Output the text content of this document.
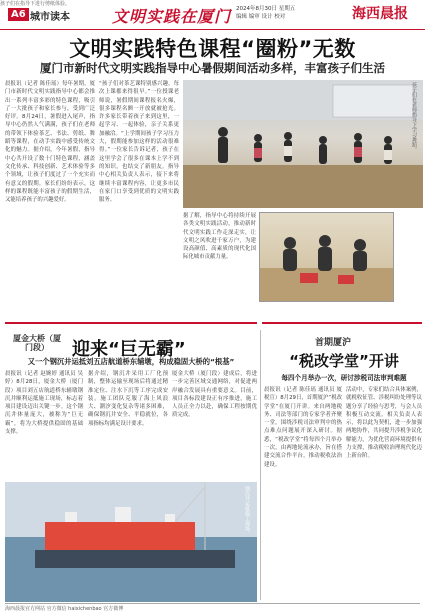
A6 城市读本	文明实践在厦门 2024年8月30日 星期五
编辑 编审 设计 校对	海西晨报
文明实践特色课程“圈粉”无数
厦门市新时代文明实践指导中心暑假期间活动多样，丰富孩子们生活
晨报讯（记者 陈佳瑶）每年暑期，厦门市新时代文明实践指导中心都会推出一系列丰富多彩的特色课程，吸引了一大批孩子和家长参与，受到广泛好评。8月24日，暑假进入尾声，指导中心仍然人气满满，孩子们在老师的带领下体验茶艺、书法、剪纸、舞蹈等课程，在动手实践中感受传统文化的魅力。据介绍，今年暑假，指导中心共开设了数十门特色课程，涵盖文化传承、科技创新、艺术体验等多个领域，让孩子们度过了一个充实而有意义的假期。家长们纷纷表示，这样的课程既能丰富孩子的假期生活，又能培养孩子的兴趣爱好。
“孩子们对茶艺课特别感兴趣，每次上课都来得很早。”一位授课老师说，暑假期间课程报名火爆，很多课程名额一开放就被抢光。许多家长带着孩子来到这里，一起学习、一起体验，亲子关系更加融洽。“上学期间孩子学习压力大，假期能参加这样的活动很难得。”一位家长告诉记者，孩子在这里学会了很多在课本上学不到的知识，也结交了新朋友。指导中心相关负责人表示，接下来将继续丰富课程内容，让更多市民在家门口享受到优质的文明实践服务。
据了解，指导中心将持续开展各类文明实践活动，推动新时代文明实践工作走深走实，让文明之风吹进千家万户，为建设高颜值、高素质的现代化国际化城市贡献力量。
孩子们在老师指导下学习舞蹈。
孩子们在指导下进行剪纸体验。
厦金大桥（厦门段）	迎来“巨无霸”
又一个钢沉井运抵刘五店航道桥东辅墩，构成稳固大桥的“根基”
晨报讯（记者 赵婉婷 通讯员 吴婷）8月28日，厦金大桥（厦门段）项目刘五店航道桥东辅墩钢沉井顺利运抵施工现场，标志着项目建设迈出关键一步。这个钢沉井体量庞大，被称为“巨无霸”，将为大桥提供稳固的基础支撑。
据介绍，钢沉井采用工厂化预制，整体运输至现场后将通过精准定位、注水下沉等工序完成安装。施工团队克服了海上风浪大、潮汐变化复杂等诸多困难，确保钢沉井安全、平稳就位，各项指标均满足设计要求。
厦金大桥（厦门段）建成后，将进一步完善区域交通网络，对促进两岸融合发展具有重要意义。目前，项目各标段建设正有序推进，施工人员正全力以赴，确保工程按期优质完成。
钢沉井运抵施工现场。
首期厦沪
“税改学堂”开讲
每四个月举办一次，研讨涉税司法审判难题
晨报讯（记者 陈佳瑶 通讯员 厦税宣）8月29日，首期厦沪“税改学堂”在厦门开讲。来自两地税务、司法等部门的专家学者齐聚一堂，围绕涉税司法审判中的热点难点问题展开深入研讨。据悉，“税改学堂”将每四个月举办一次，由两地轮流承办，旨在搭建交流合作平台，推动税收法治建设。
活动中，专家们结合具体案例，就税收征管、涉税纠纷处理等议题分享了经验与思考，与会人员积极互动交流。相关负责人表示，将以此为契机，进一步加强两地协作，共同提升涉税争议化解能力，为优化营商环境提供有力支撑，推动税收治理现代化迈上新台阶。
海西晨报官方网站 官方微信 haixichenbao 官方微博
